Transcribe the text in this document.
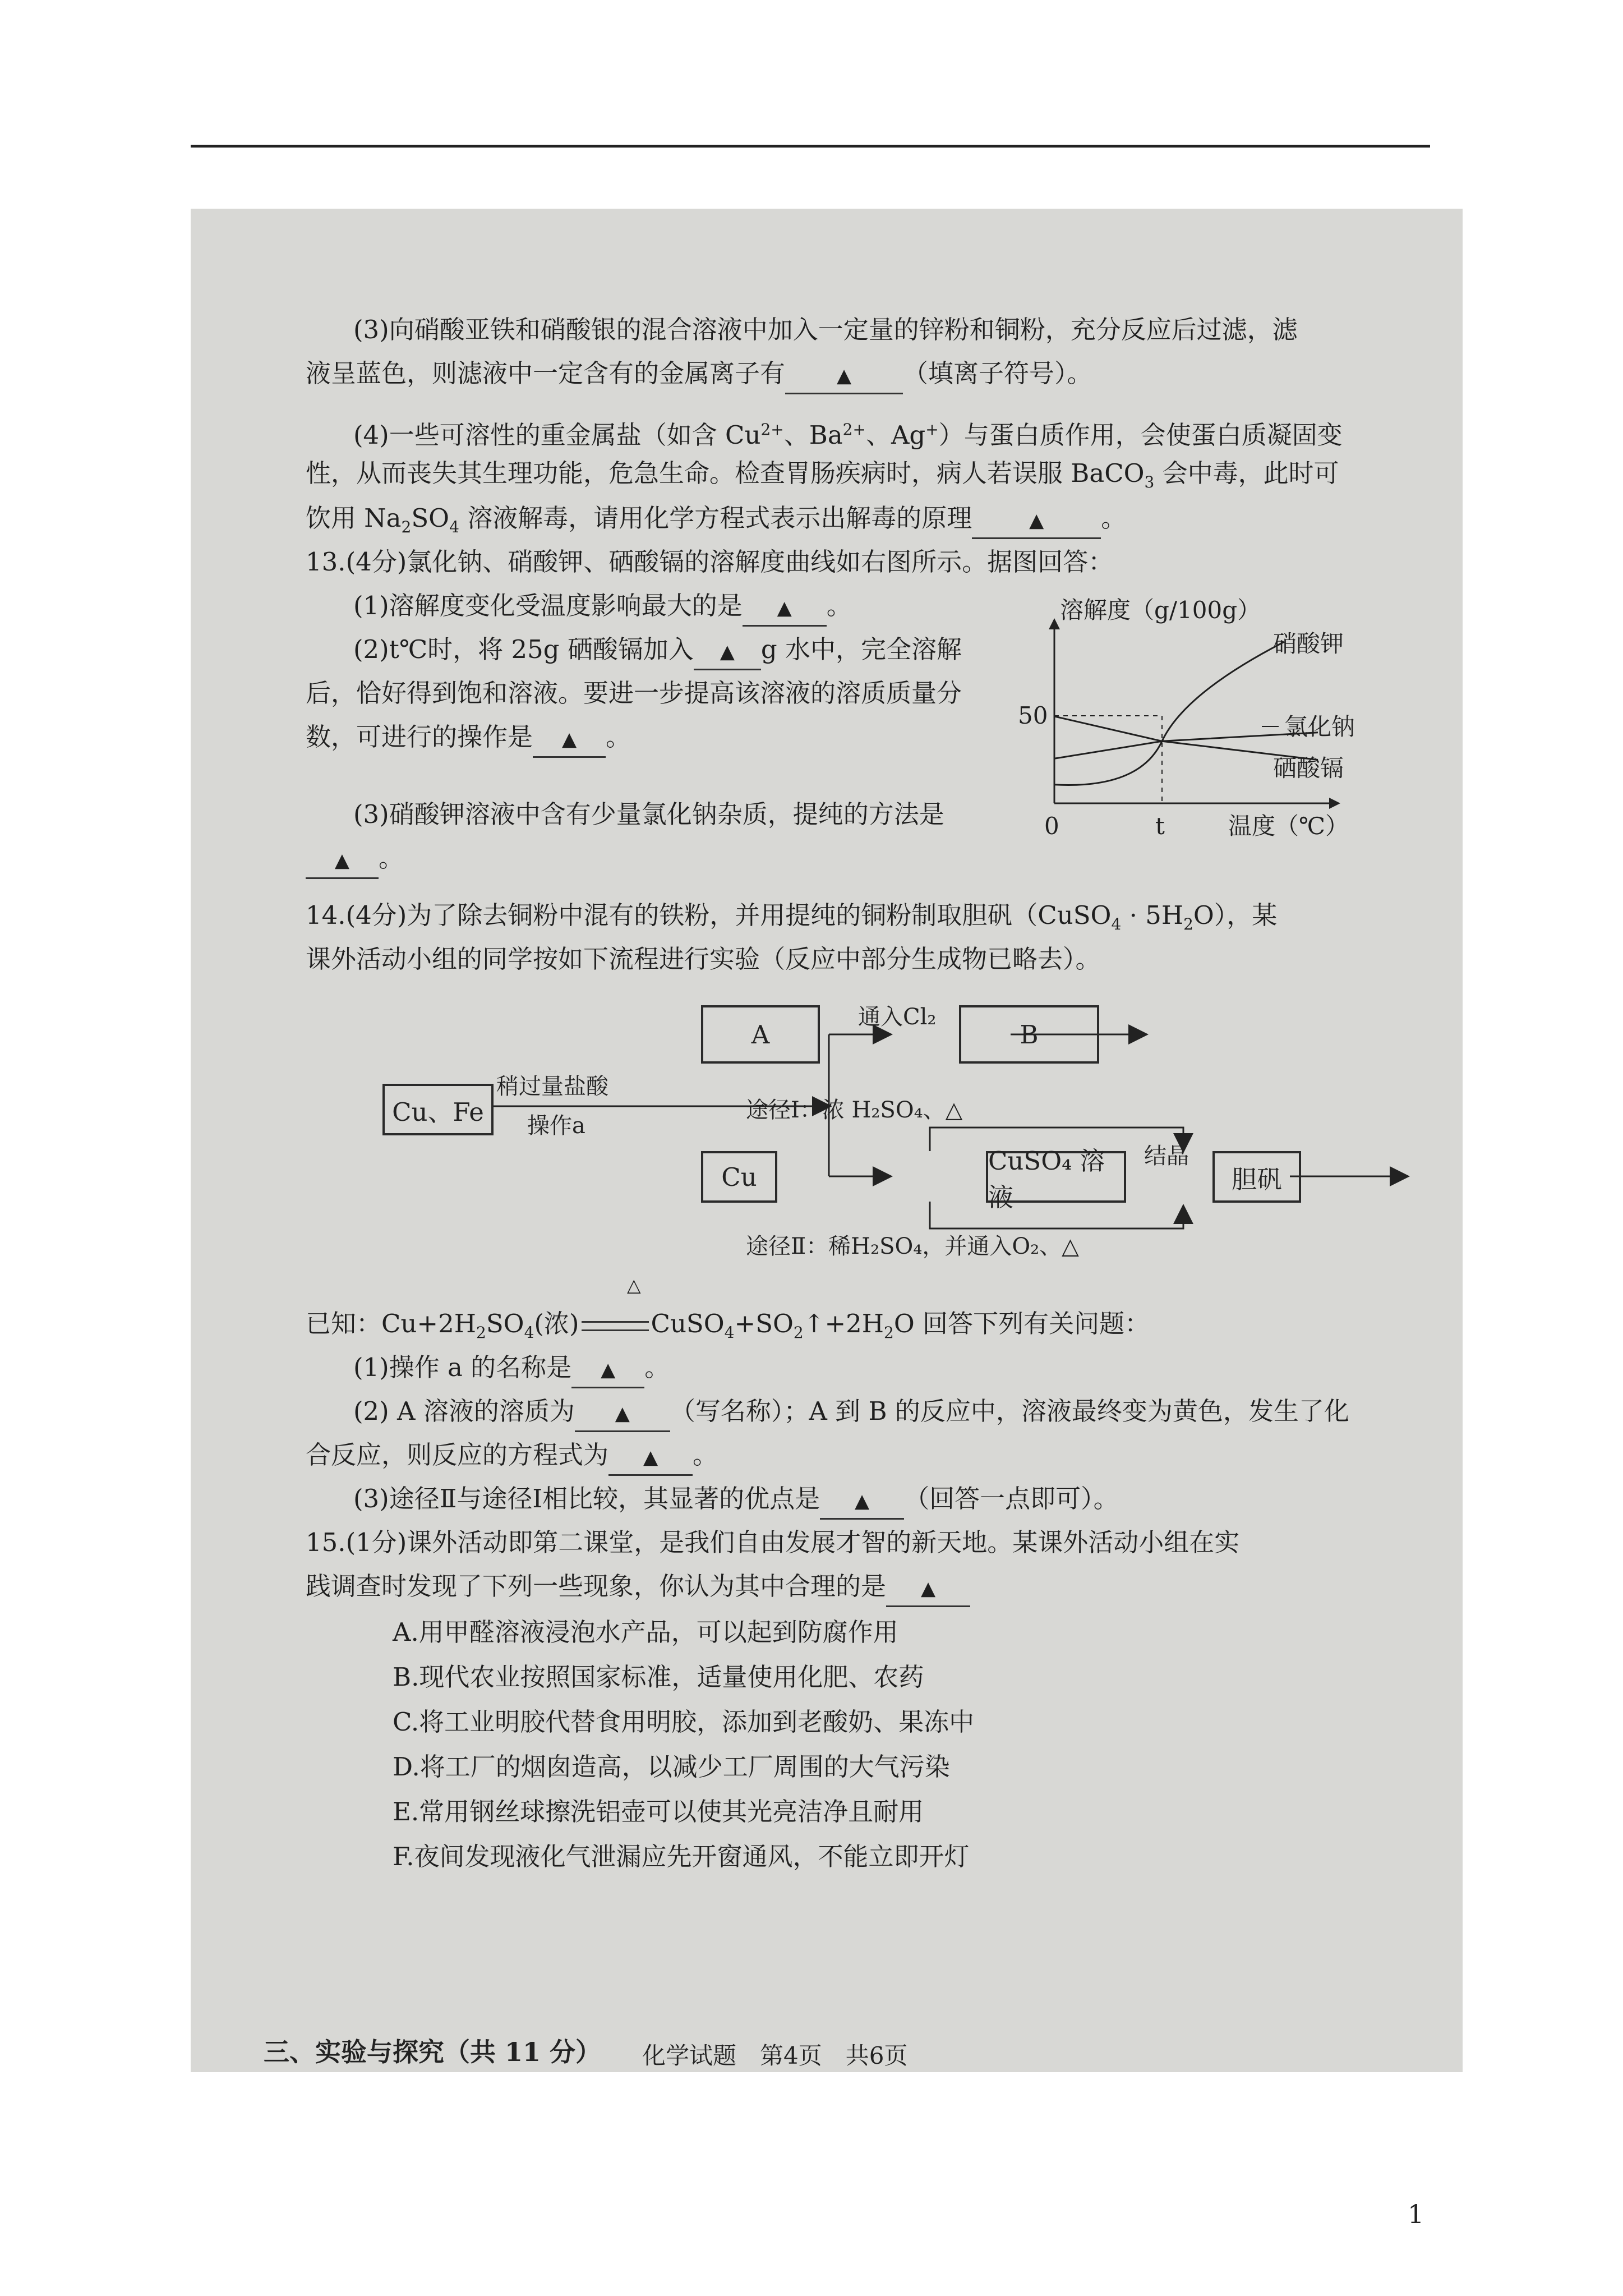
(3)向硝酸亚铁和硝酸银的混合溶液中加入一定量的锌粉和铜粉，充分反应后过滤，滤
液呈蓝色，则滤液中一定含有的金属离子有	▲ （填离子符号）。
(4)一些可溶性的重金属盐（如含 $Cu^{2+}$、$Ba^{2+}$、Ag+）与蛋白质作用，会使蛋白质凝固变
性，从而丧失其生理功能，危急生命。检查胃肠疾病时，病人若误服 BaCO$_3$ 会中毒，此时可
饮用 $Na_2SO_4$ 溶液解毒，请用化学方程式表示出解毒的原理	▲ 。
13.(4分)氯化钠、硝酸钾、硒酸镉的溶解度曲线如右图所示。据图回答：
(1)溶解度变化受温度影响最大的是 ▲ 。
(2)t℃时，将 25g 硒酸镉加入 ▲ g 水中，完全溶解
后，恰好得到饱和溶液。要进一步提高该溶液的溶质质量分
数，可进行的操作是 ▲ 。
(3)硝酸钾溶液中含有少量氯化钠杂质，提纯的方法是
▲ 。
溶解度（g/100g）
温度（℃）
0	t
50
硝酸钾
氯化钠
硒酸镉
14.(4分)为了除去铜粉中混有的铁粉，并用提纯的铜粉制取胆矾（CuSO$_4$ · $5H_2O$），某
课外活动小组的同学按如下流程进行实验（反应中部分生成物已略去）。
Cu、Fe
稍过量盐酸
操作a
A
通入Cl₂
B
途径Ⅰ：浓 H₂SO₄、△
Cu
CuSO₄ 溶液
结晶
胆矾
途径Ⅱ：稀H₂SO₄，并通入O₂、△
△
已知：$Cu+2H_2SO_4$(浓)	$CuSO_4+SO_2↑+2H_2O$ 回答下列有关问题：
(1)操作 a 的名称是 ▲ 。
(2) A 溶液的溶质为 ▲ （写名称）；A 到 B 的反应中，溶液最终变为黄色，发生了化
合反应，则反应的方程式为 ▲ 。
(3)途径Ⅱ与途径Ⅰ相比较，其显著的优点是 ▲ （回答一点即可）。
15.(1分)课外活动即第二课堂，是我们自由发展才智的新天地。某课外活动小组在实
践调查时发现了下列一些现象，你认为其中合理的是 ▲
A.用甲醛溶液浸泡水产品，可以起到防腐作用
B.现代农业按照国家标准，适量使用化肥、农药
C.将工业明胶代替食用明胶，添加到老酸奶、果冻中
D.将工厂的烟囱造高，以减少工厂周围的大气污染
E.常用钢丝球擦洗铝壶可以使其光亮洁净且耐用
F.夜间发现液化气泄漏应先开窗通风，不能立即开灯
三、实验与探究（共 11 分） 化学试题　第4页　共6页
1
